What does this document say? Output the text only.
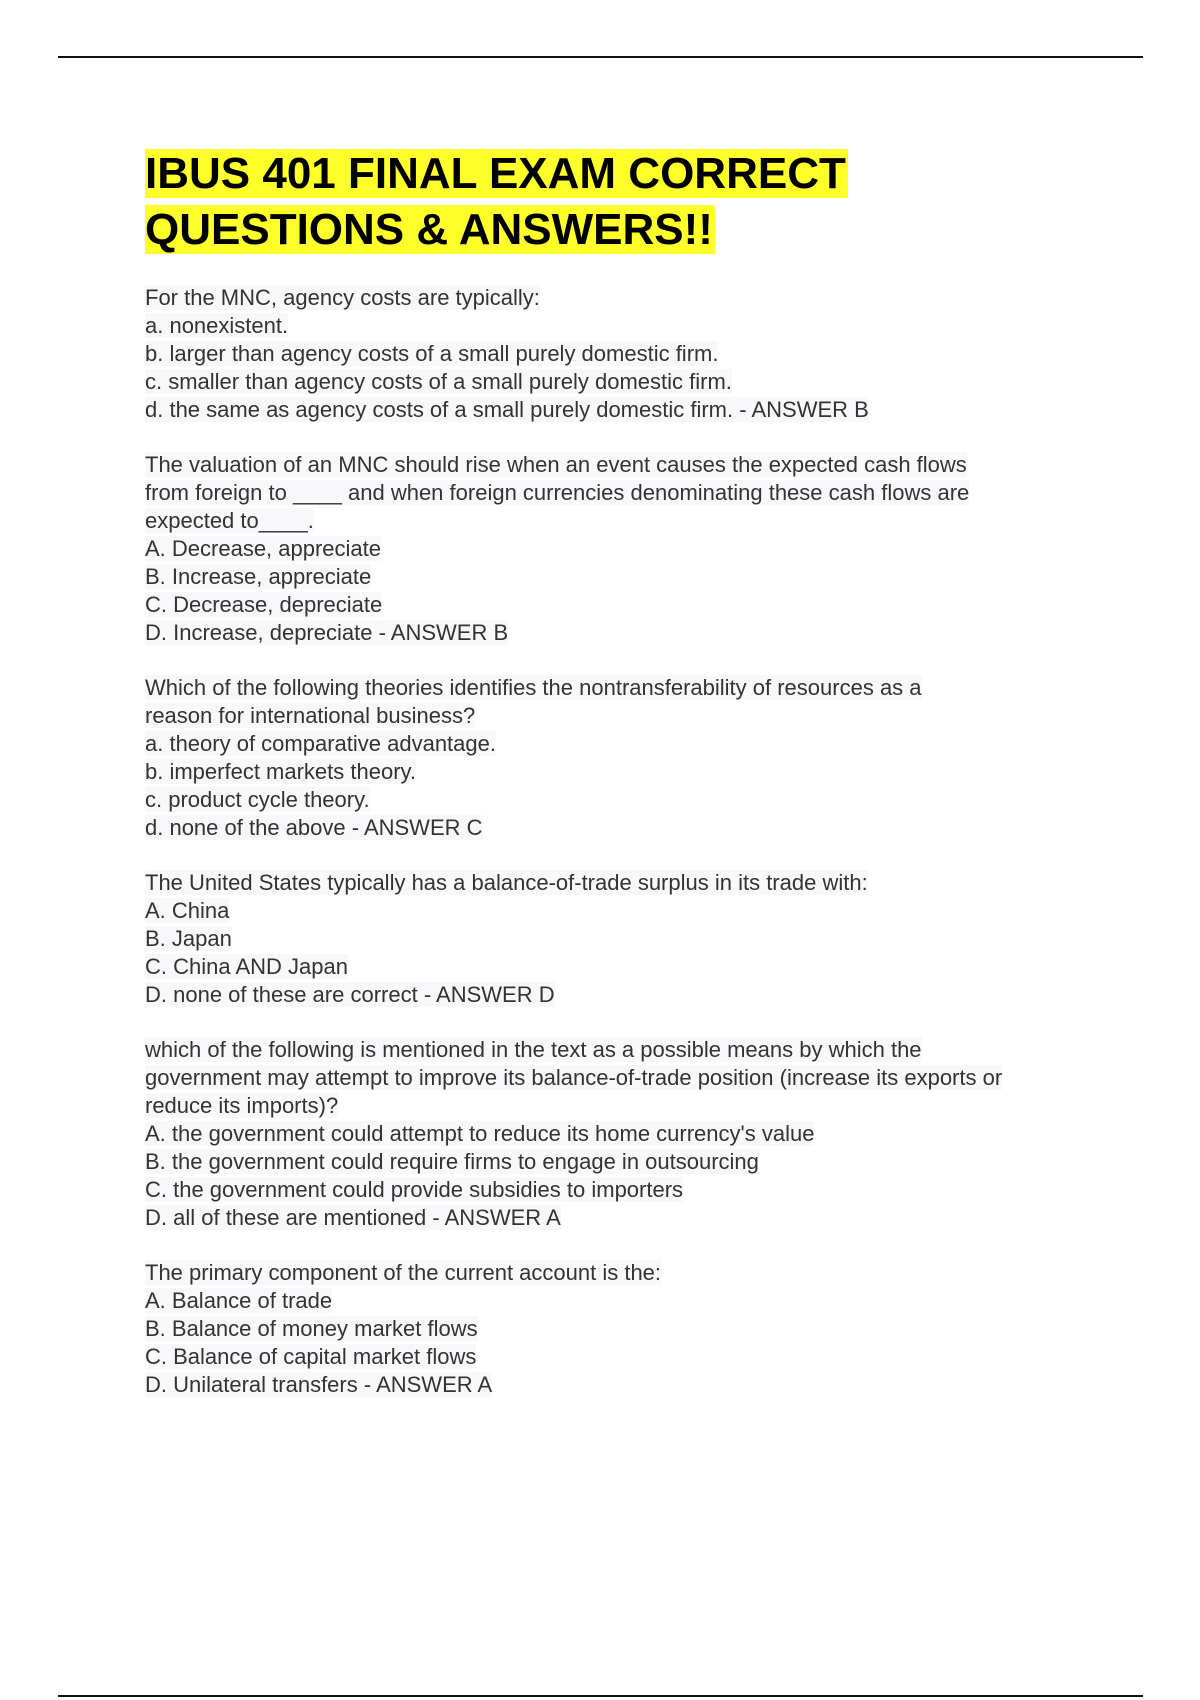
IBUS 401 FINAL EXAM CORRECT
QUESTIONS & ANSWERS!!
For the MNC, agency costs are typically:
a. nonexistent.
b. larger than agency costs of a small purely domestic firm.
c. smaller than agency costs of a small purely domestic firm.
d. the same as agency costs of a small purely domestic firm. - ANSWER B
The valuation of an MNC should rise when an event causes the expected cash flows
from foreign to ____ and when foreign currencies denominating these cash flows are
expected to____.
A. Decrease, appreciate
B. Increase, appreciate
C. Decrease, depreciate
D. Increase, depreciate - ANSWER B
Which of the following theories identifies the nontransferability of resources as a
reason for international business?
a. theory of comparative advantage.
b. imperfect markets theory.
c. product cycle theory.
d. none of the above - ANSWER C
The United States typically has a balance-of-trade surplus in its trade with:
A. China
B. Japan
C. China AND Japan
D. none of these are correct - ANSWER D
which of the following is mentioned in the text as a possible means by which the
government may attempt to improve its balance-of-trade position (increase its exports or
reduce its imports)?
A. the government could attempt to reduce its home currency's value
B. the government could require firms to engage in outsourcing
C. the government could provide subsidies to importers
D. all of these are mentioned - ANSWER A
The primary component of the current account is the:
A. Balance of trade
B. Balance of money market flows
C. Balance of capital market flows
D. Unilateral transfers - ANSWER A
